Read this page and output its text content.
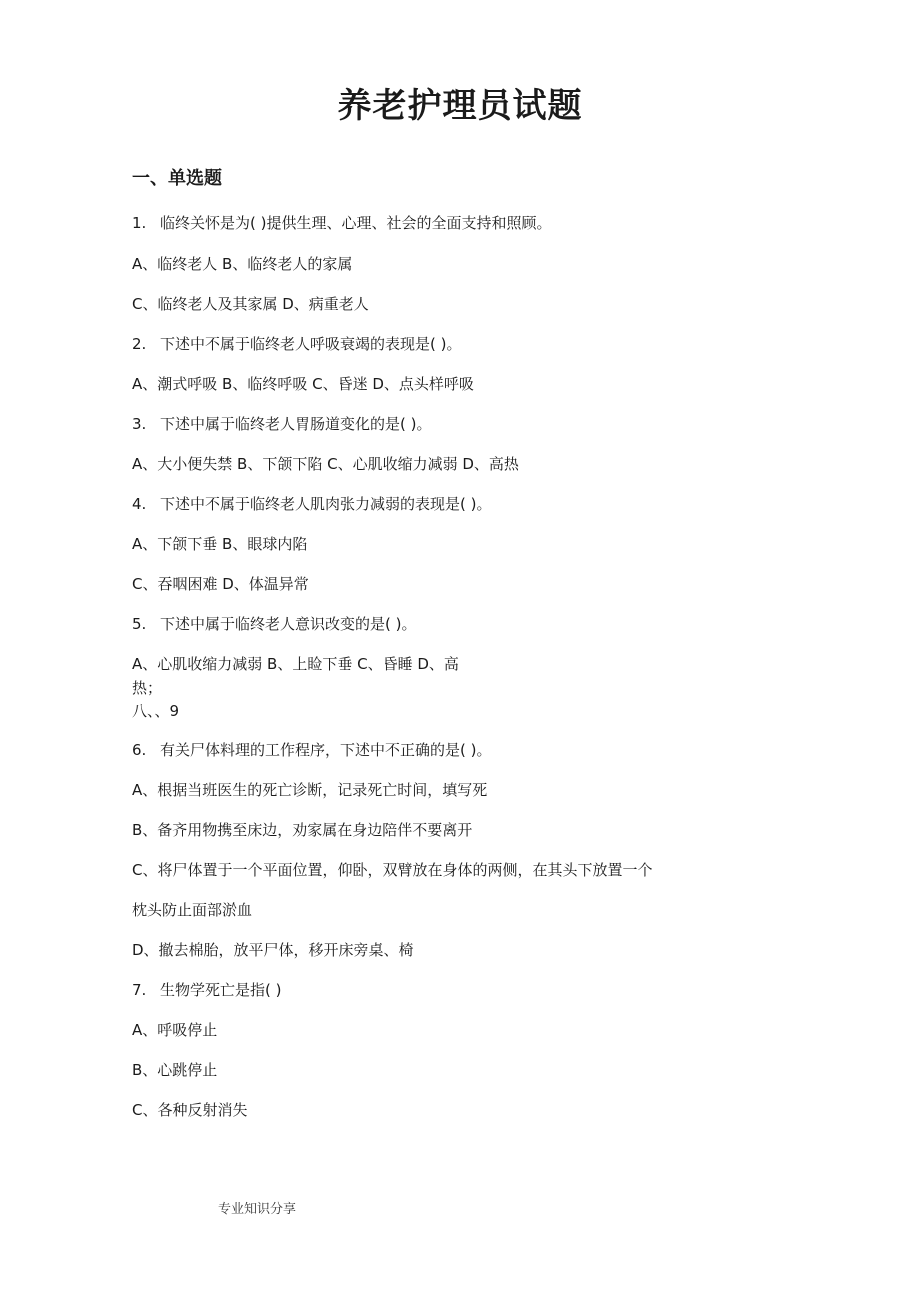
养老护理员试题
一、单选题

1. 临终关怀是为( )提供生理、心理、社会的全面支持和照顾。

A、临终老人 B、临终老人的家属

C、临终老人及其家属 D、病重老人

2. 下述中不属于临终老人呼吸衰竭的表现是( )。

A、潮式呼吸 B、临终呼吸 C、昏迷 D、点头样呼吸

3. 下述中属于临终老人胃肠道变化的是( )。

A、大小便失禁 B、下颌下陷 C、心肌收缩力减弱 D、高热

4. 下述中不属于临终老人肌肉张力减弱的表现是( )。

A、下颌下垂 B、眼球内陷

C、吞咽困难 D、体温异常

5. 下述中属于临终老人意识改变的是( )。

A、心肌收缩力减弱 B、上睑下垂 C、昏睡 D、高

热；

八、、9

6. 有关尸体料理的工作程序，下述中不正确的是( )。

A、根据当班医生的死亡诊断，记录死亡时间，填写死

B、备齐用物携至床边，劝家属在身边陪伴不要离开

C、将尸体置于一个平面位置，仰卧，双臂放在身体的两侧，在其头下放置一个

枕头防止面部淤血

D、撤去棉胎，放平尸体，移开床旁桌、椅

7. 生物学死亡是指( )

A、呼吸停止

B、心跳停止

C、各种反射消失

专业知识分享
